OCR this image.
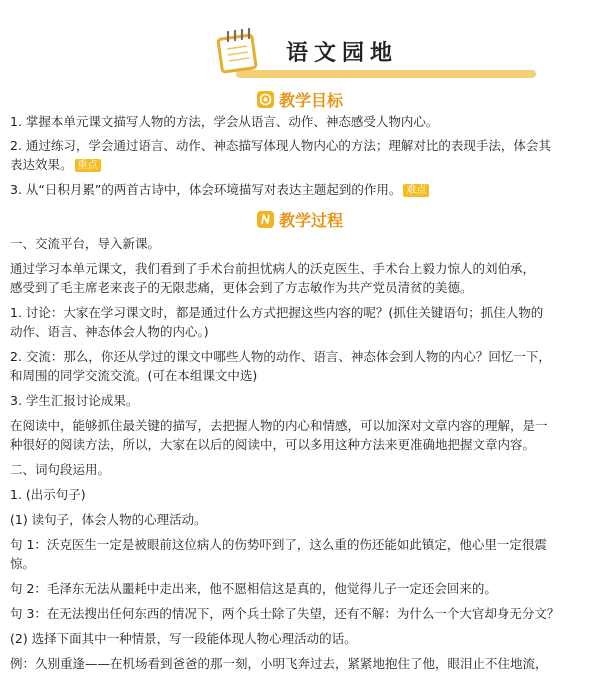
语文园地
教学目标
1. 掌握本单元课文描写人物的方法，学会从语言、动作、神态感受人物内心。
2. 通过练习，学会通过语言、动作、神态描写体现人物内心的方法；理解对比的表现手法，体会其
表达效果。 重点
3. 从“日积月累”的两首古诗中，体会环境描写对表达主题起到的作用。 难点
教学过程
一、交流平台，导入新课。
通过学习本单元课文，我们看到了手术台前担忧病人的沃克医生、手术台上毅力惊人的刘伯承，
感受到了毛主席老来丧子的无限悲痛，更体会到了方志敏作为共产党员清贫的美德。
1. 讨论：大家在学习课文时，都是通过什么方式把握这些内容的呢？(抓住关键语句；抓住人物的
动作、语言、神态体会人物的内心。)
2. 交流：那么，你还从学过的课文中哪些人物的动作、语言、神态体会到人物的内心？回忆一下，
和周围的同学交流交流。(可在本组课文中选)
3. 学生汇报讨论成果。
在阅读中，能够抓住最关键的描写，去把握人物的内心和情感，可以加深对文章内容的理解，是一
种很好的阅读方法，所以，大家在以后的阅读中，可以多用这种方法来更准确地把握文章内容。
二、词句段运用。
1. (出示句子)
(1) 读句子，体会人物的心理活动。
句 1：沃克医生一定是被眼前这位病人的伤势吓到了，这么重的伤还能如此镇定，他心里一定很震
惊。
句 2：毛泽东无法从噩耗中走出来，他不愿相信这是真的，他觉得儿子一定还会回来的。
句 3：在无法搜出任何东西的情况下，两个兵士除了失望，还有不解：为什么一个大官却身无分文？
(2) 选择下面其中一种情景，写一段能体现人物心理活动的话。
例：久别重逢——在机场看到爸爸的那一刻，小明飞奔过去，紧紧地抱住了他，眼泪止不住地流，
